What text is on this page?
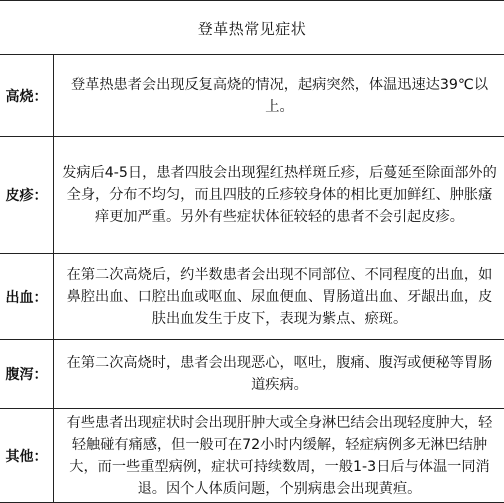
登革热常见症状
高烧：
登革热患者会出现反复高烧的情况，起病突然，体温迅速达39℃以上。
皮疹：
发病后4-5日，患者四肢会出现猩红热样斑丘疹，后蔓延至除面部外的全身，分布不均匀，而且四肢的丘疹较身体的相比更加鲜红、肿胀瘙痒更加严重。另外有些症状体征较轻的患者不会引起皮疹。
出血：
在第二次高烧后，约半数患者会出现不同部位、不同程度的出血，如鼻腔出血、口腔出血或呕血、尿血便血、胃肠道出血、牙龈出血，皮肤出血发生于皮下，表现为紫点、瘀斑。
腹泻：
在第二次高烧时，患者会出现恶心，呕吐，腹痛、腹泻或便秘等胃肠道疾病。
其他：
有些患者出现症状时会出现肝肿大或全身淋巴结会出现轻度肿大，轻轻触碰有痛感，但一般可在72小时内缓解，轻症病例多无淋巴结肿大，而一些重型病例，症状可持续数周，一般1-3日后与体温一同消退。因个人体质问题，个别病患会出现黄疸。
